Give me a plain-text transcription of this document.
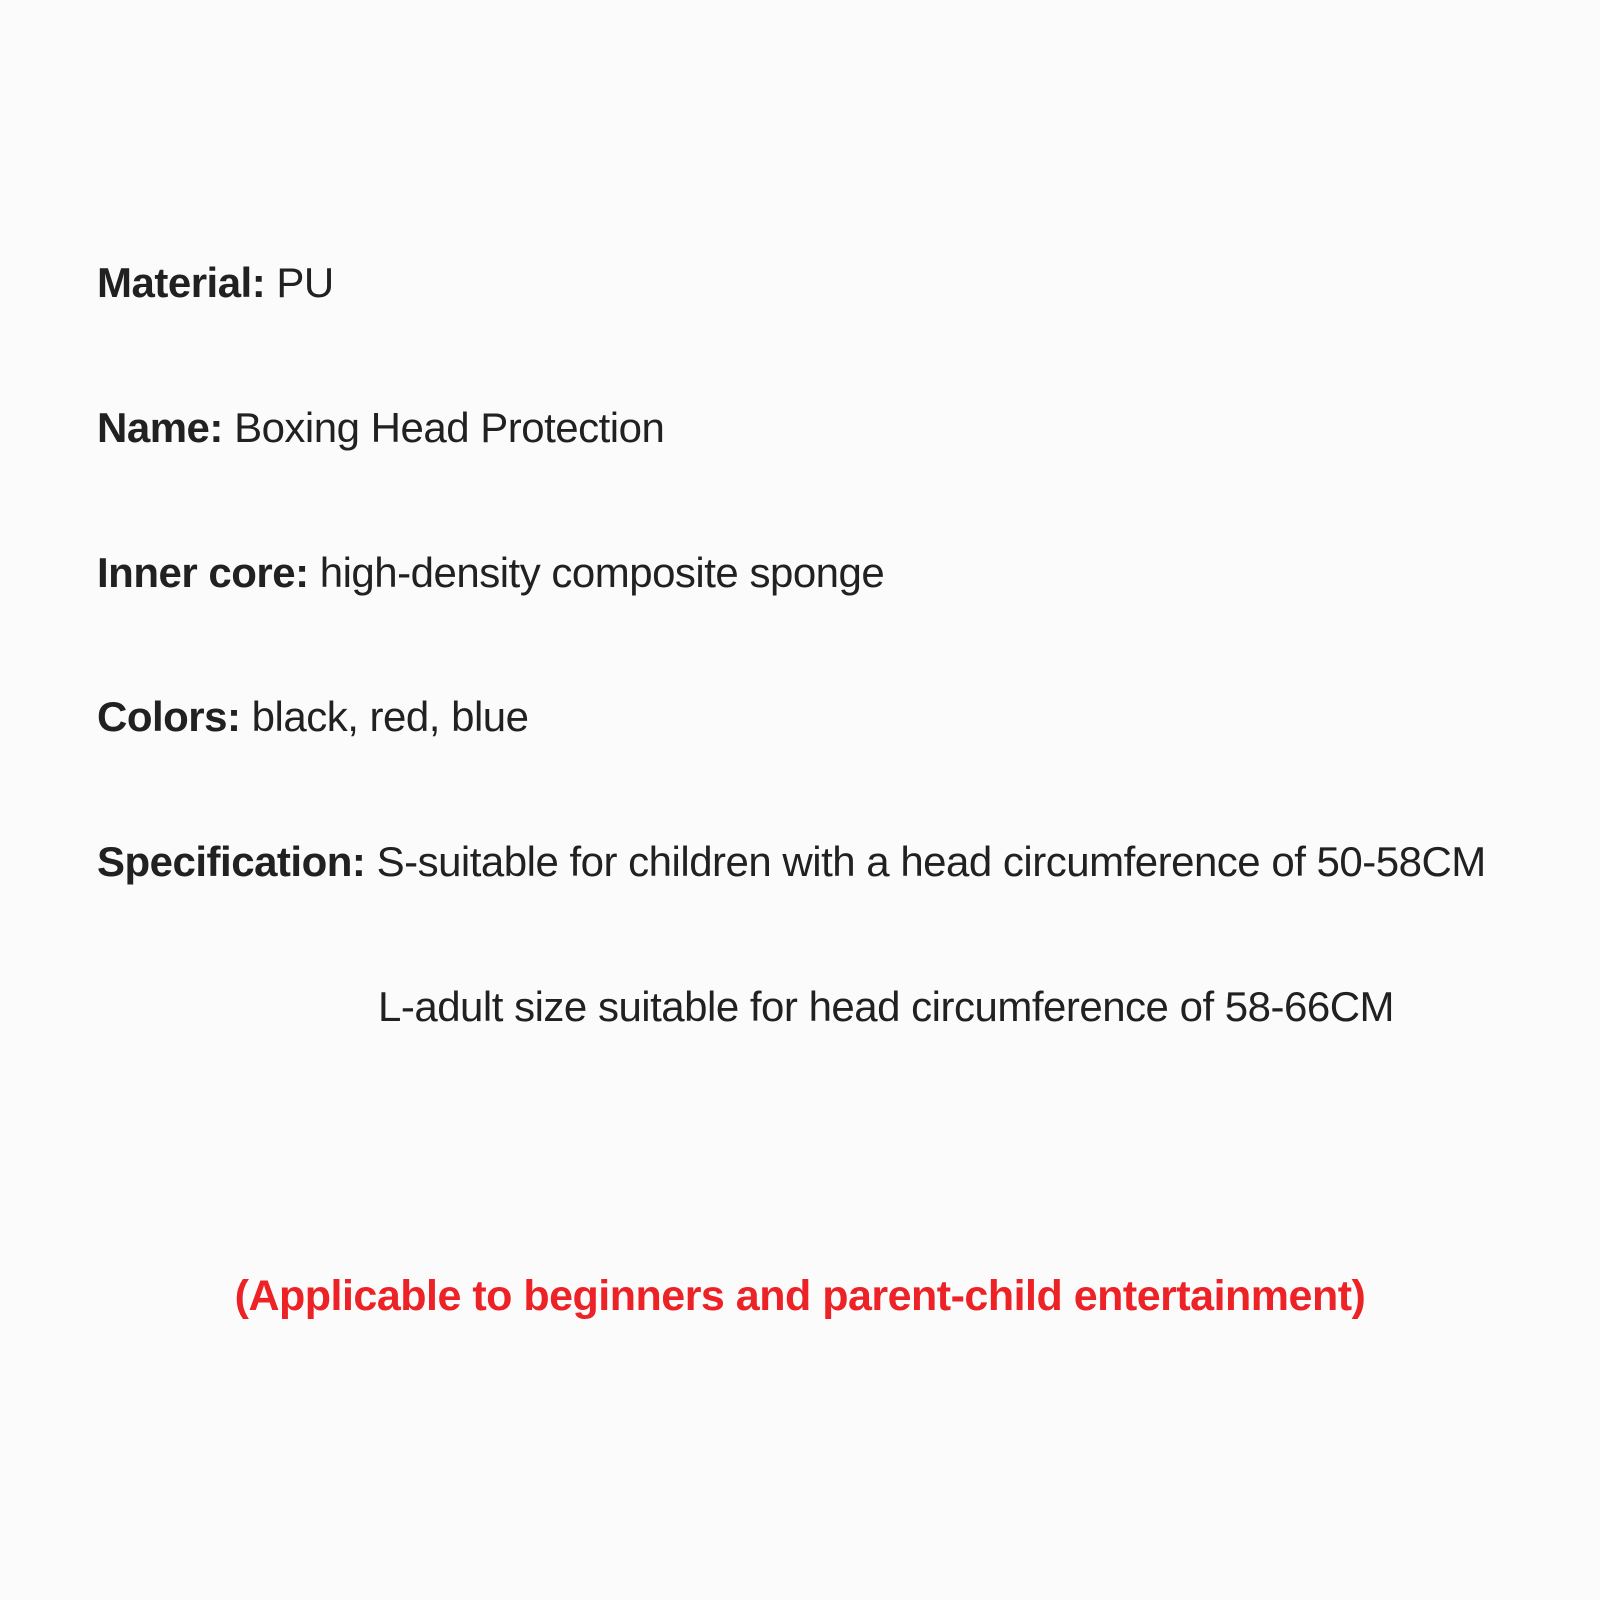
Material: PU
Name: Boxing Head Protection
Inner core: high-density composite sponge
Colors: black, red, blue
Specification: S-suitable for children with a head circumference of 50-58CM
L-adult size suitable for head circumference of 58-66CM
(Applicable to beginners and parent-child entertainment)
